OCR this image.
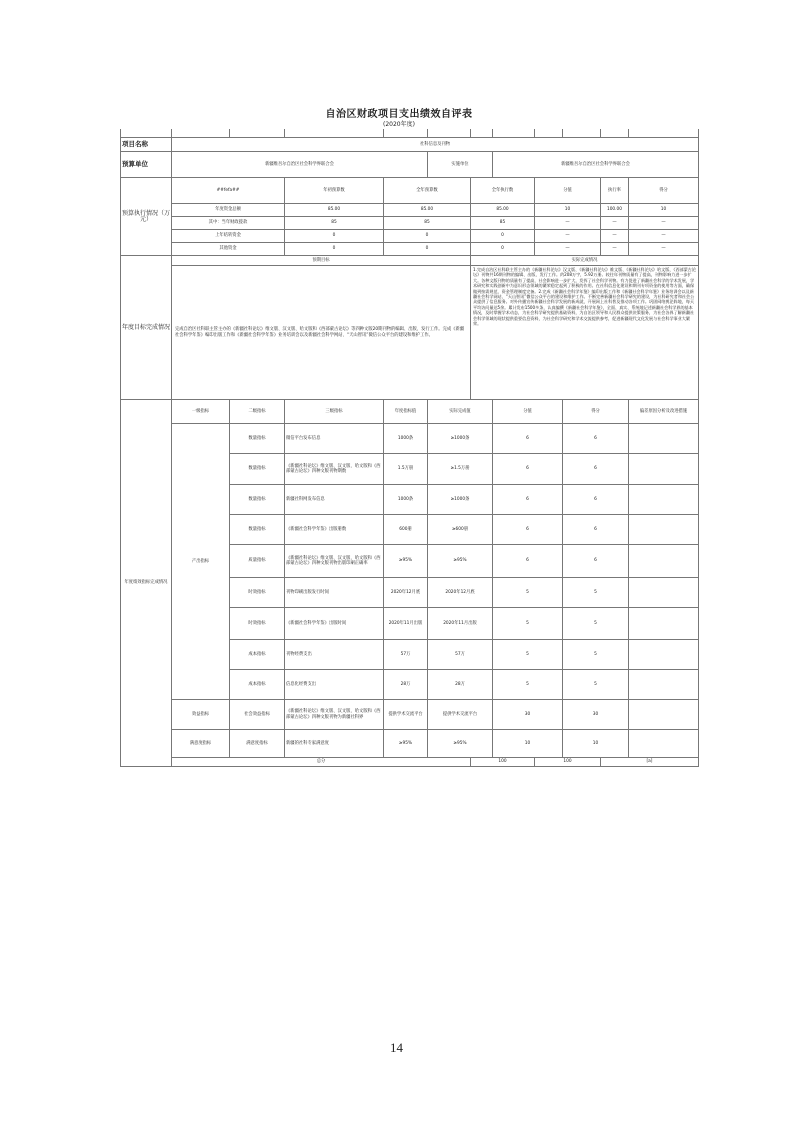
自治区财政项目支出绩效自评表
(2020年度)

项目名称	社科信息及刊物										
预算单位	新疆维吾尔自治区社会科学界联合会				实施单位		新疆维吾尔自治区社会科学界联合会				
预算执行情况（万元）	##fefa##		年初预算数	全年预算数		全年执行数		分值		执行率	得分
	年度资金总额		85.00	85.00		85.00		10		100.00	10
	其中：当年财政拨款		85	85		85		—		—	—
	上年结转资金		0	0		0		—		—	—
	其他资金		0	0		0		—		—	—
年度目标完成情况	预期目标					实际完成情况					
	完成自治区社科联主管主办的《新疆社科论坛》维文版、汉文版、哈文版和《西部蒙古论坛》等四种文版20期刊物的编辑、出版、发行工作。完成《新疆社会科学年鉴》编印出版工作和《新疆社会科学年鉴》业务培训会以及新疆社会科学网站、“天山智讯”微信公众平台的建设和维护工作。					1.完成自治区社科联主管主办的《新疆社科论坛》汉文版、《新疆社科论坛》维文版、《新疆社科论坛》哈文版、《西部蒙古论坛》刊物共16期刊物的编辑、出版、发行工作。约208万字，5.92万册。较往年刊物质量有了提高，刊物影响力进一步扩大。各种文版刊物的质量有了提高，社会影响进一步扩大，发挥了社会科学刊物。有力促进了新疆社会科学的学术发展，学术研究和实践创新中为意识形态领域的繁荣稳定起到了积极的作用。在社科信息化建设和期刊专项资金的使用等方面，确保做到按需规范、资金管理制度完备。2.完成《新疆社会科学年鉴》编印出版工作和《新疆社会科学年鉴》业务培训会以及新疆社会科学网站、“天山智讯”微信公众平台的建设和维护工作。不断完善新疆社会科学研究的建设，为社科研究者和社会公众提供了信息服务。对外传播宣传新疆社会科学发展的新成就，开展网上社科普及推动各项工作。巩固网络舆论阵地，每天平均访问量达5余。累计发布1500多条，认真编撰《新疆社会科学年鉴》，全面、真实、系统地记述新疆社会科学界的基本情况，及时掌握学术动态，为社会科学研究提供基础资料，为自治区领导和人民群众提供决策服务，为社会各界了解新疆社会科学领域的现状提供重要信息资料，为社会科学研究和学术交流提供参考，促进新疆现代文化发展与社会科学事业大繁荣。					
年度绩效指标完成情况	一级指标	二级指标	三级指标	年度指标值	实际完成值		分值		得分		偏差原因分析及改进措施
	产出指标	数量指标	微信平台发布信息	1000条	≥1000条		6		6		
		数量指标	《新疆社科论坛》维文版、汉文版、哈文版和《西部蒙古论坛》四种文版刊物期数	1.5万册	≥1.5万册		6		6		
		数量指标	新疆社科网发布信息	1000条	≥1000条		6		6		
		数量指标	《新疆社会科学年鉴》出版册数	600册	≥600册		6		6		
		质量指标	《新疆社科论坛》维文版、汉文版、哈文版和《西部蒙古论坛》四种文版刊物出版印刷正确率	≥95%	≥95%		6		6		
		时效指标	刊物印刷出版发行时间	2020年12月底	2020年12月底		5		5		
		时效指标	《新疆社会科学年鉴》出版时间	2020年11月出版	2020年11月出版		5		5		
		成本指标	刊物经费支出	57万	57万		5		5		
		成本指标	信息化经费支出	28万	28万		5		5		
	效益指标	社会效益指标	《新疆社科论坛》维文版、汉文版、哈文版和《西部蒙古论坛》四种文版刊物为新疆社科界	提供学术交流平台	提供学术交流平台		30		30		
	满意度指标	满意度指标	新疆的社科专家满意度	≥95%	≥95%		10		10		
	总分					100		100		[a]	
14
